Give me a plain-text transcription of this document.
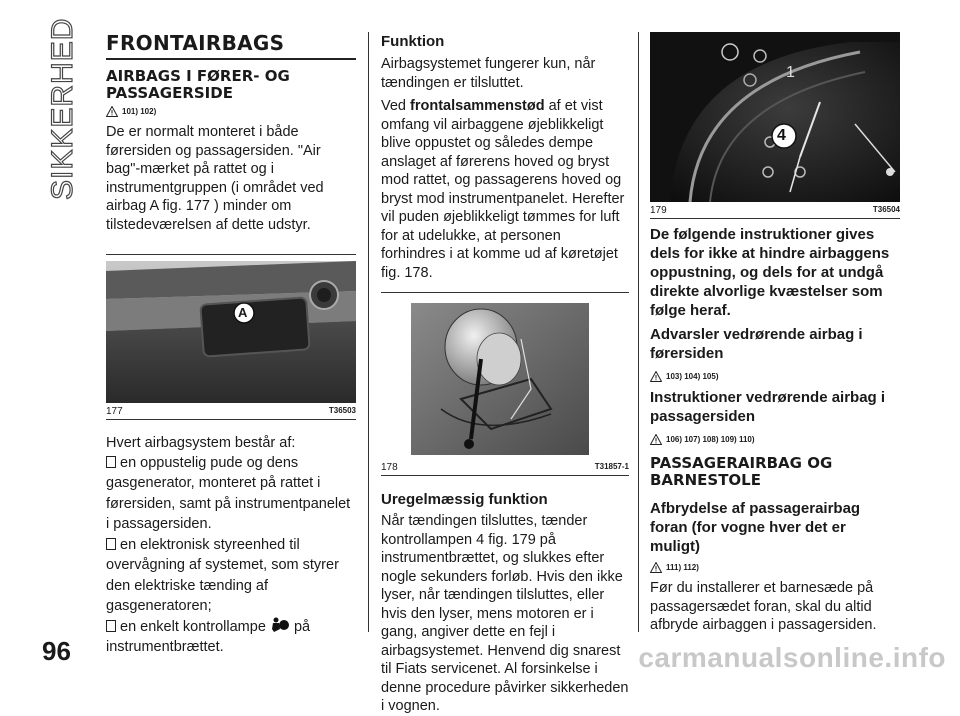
SIKKERHED FRONTAIRBAGS
AIRBAGS I FØRER- OG PASSAGERSIDE
101) 102)

De er normalt monteret i både førersiden og passagersiden. "Air bag"-mærket på rattet og i instrumentgruppen (i området ved airbag A fig. 177 ) minder om tilstedeværelsen af dette udstyr.

A
177	T36503

Hvert airbagsystem består af:

en oppustelig pude og dens gasgenerator, monteret på rattet i førersiden, samt på instrumentpanelet i passagersiden.

en elektronisk styreenhed til overvågning af systemet, som styrer den elektriske tænding af gasgeneratoren;

en enkelt kontrollampe på instrumentbrættet.

Funktion

Airbagsystemet fungerer kun, når tændingen er tilsluttet.

Ved frontalsammenstød af et vist omfang vil airbaggene øjeblikkeligt blive oppustet og således dempe anslaget af førerens hoved og bryst mod rattet, og passagerens hoved og bryst mod instrumentpanelet. Herefter vil puden øjeblikkeligt tømmes for luft for at udelukke, at personen forhindres i at komme ud af køretøjet fig. 178.

178	T31857-1
Uregelmæssig funktion

Når tændingen tilsluttes, tænder kontrollampen 4 fig. 179 på instrumentbrættet, og slukkes efter nogle sekunders forløb. Hvis den ikke lyser, når tændingen tilsluttes, eller hvis den lyser, mens motoren er i gang, angiver dette en fejl i airbagsystemet. Henvend dig snarest til Fiats servicenet. Al forsinkelse i denne procedure påvirker sikkerheden i vognen.

4
1
179	T36504
De følgende instruktioner gives dels for ikke at hindre airbaggens oppustning, og dels for at undgå direkte alvorlige kvæstelser som følge heraf.
Advarsler vedrørende airbag i førersiden
103) 104) 105)
Instruktioner vedrørende airbag i passagersiden
106) 107) 108) 109) 110)
PASSAGERAIRBAG OG BARNESTOLE
Afbrydelse af passagerairbag foran (for vogne hver det er muligt)
111) 112)

Før du installerer et barnesæde på passagersædet foran, skal du altid afbryde airbaggen i passagersiden.

96	carmanualsonline.info
